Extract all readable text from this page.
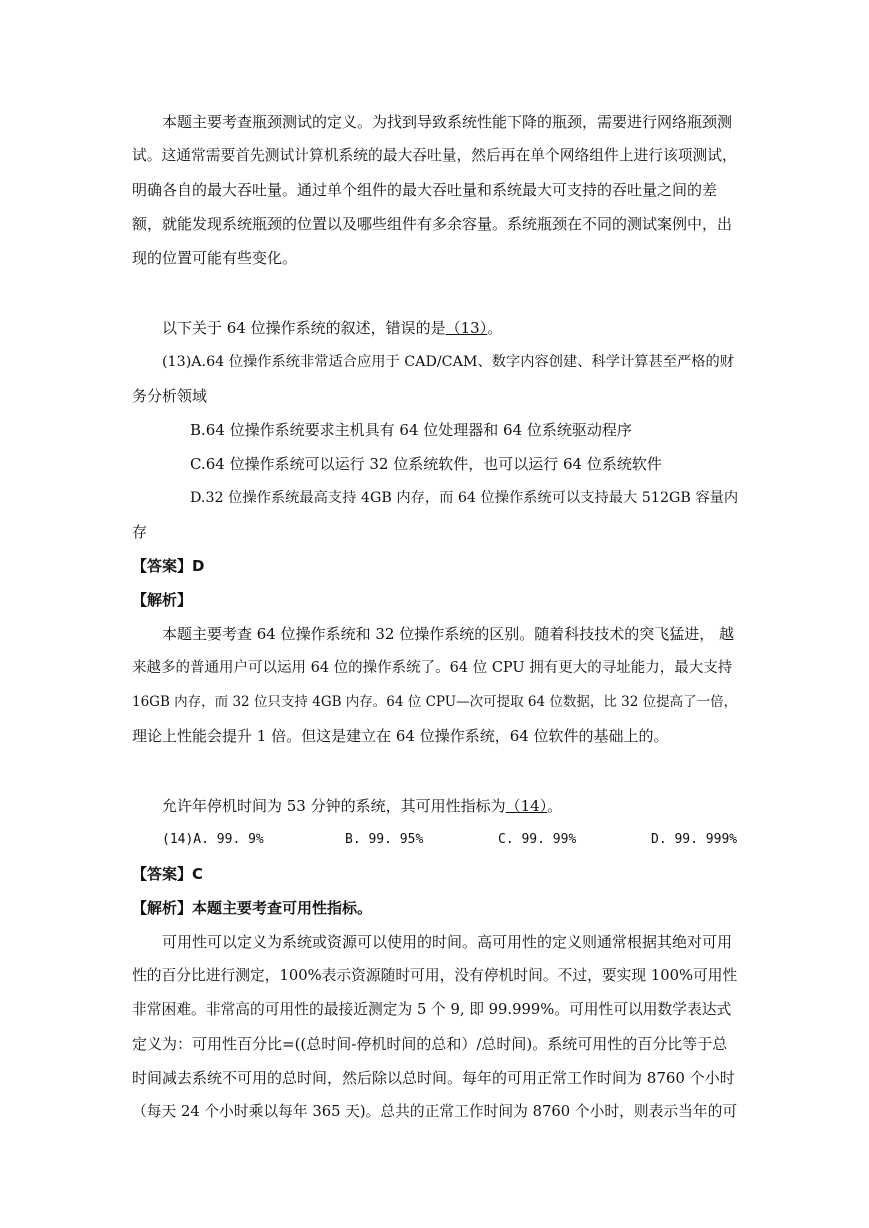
本题主要考查瓶颈测试的定义。为找到导致系统性能下降的瓶颈，需要进行网络瓶颈测
试。这通常需要首先测试计算机系统的最大吞吐量，然后再在单个网络组件上进行该项测试，
明确各自的最大吞吐量。通过单个组件的最大吞吐量和系统最大可支持的吞吐量之间的差
额，就能发现系统瓶颈的位置以及哪些组件有多余容量。系统瓶颈在不同的测试案例中，出
现的位置可能有些变化。
以下关于 64 位操作系统的叙述，错误的是（13）。
(13)A.64 位操作系统非常适合应用于 CAD/CAM、数字内容创建、科学计算甚至严格的财
务分析领域
B.64 位操作系统要求主机具有 64 位处理器和 64 位系统驱动程序
C.64 位操作系统可以运行 32 位系统软件，也可以运行 64 位系统软件
D.32 位操作系统最高支持 4GB 内存，而 64 位操作系统可以支持最大 512GB 容量内
存
【答案】D
【解析】
本题主要考查 64 位操作系统和 32 位操作系统的区别。随着科技技术的突飞猛进， 越
来越多的普通用户可以运用 64 位的操作系统了。64 位 CPU 拥有更大的寻址能力，最大支持
16GB 内存，而 32 位只支持 4GB 内存。64 位 CPU—次可提取 64 位数据，比 32 位提高了一倍，
理论上性能会提升 1 倍。但这是建立在 64 位操作系统，64 位软件的基础上的。
允许年停机时间为 53 分钟的系统，其可用性指标为（14）。
(14)A. 99. 9%	B. 99. 95%	C. 99. 99%	D. 99. 999%
【答案】C
【解析】本题主要考查可用性指标。
可用性可以定义为系统或资源可以使用的时间。高可用性的定义则通常根据其绝对可用
性的百分比进行测定，100%表示资源随时可用，没有停机时间。不过，要实现 100%可用性
非常困难。非常高的可用性的最接近测定为 5 个 9, 即 99.999%。可用性可以用数学表达式
定义为：可用性百分比=((总时间-停机时间的总和）/总时间)。系统可用性的百分比等于总
时间减去系统不可用的总时间，然后除以总时间。每年的可用正常工作时间为 8760 个小时
（每天 24 个小时乘以每年 365 天)。总共的正常工作时间为 8760 个小时，则表示当年的可
